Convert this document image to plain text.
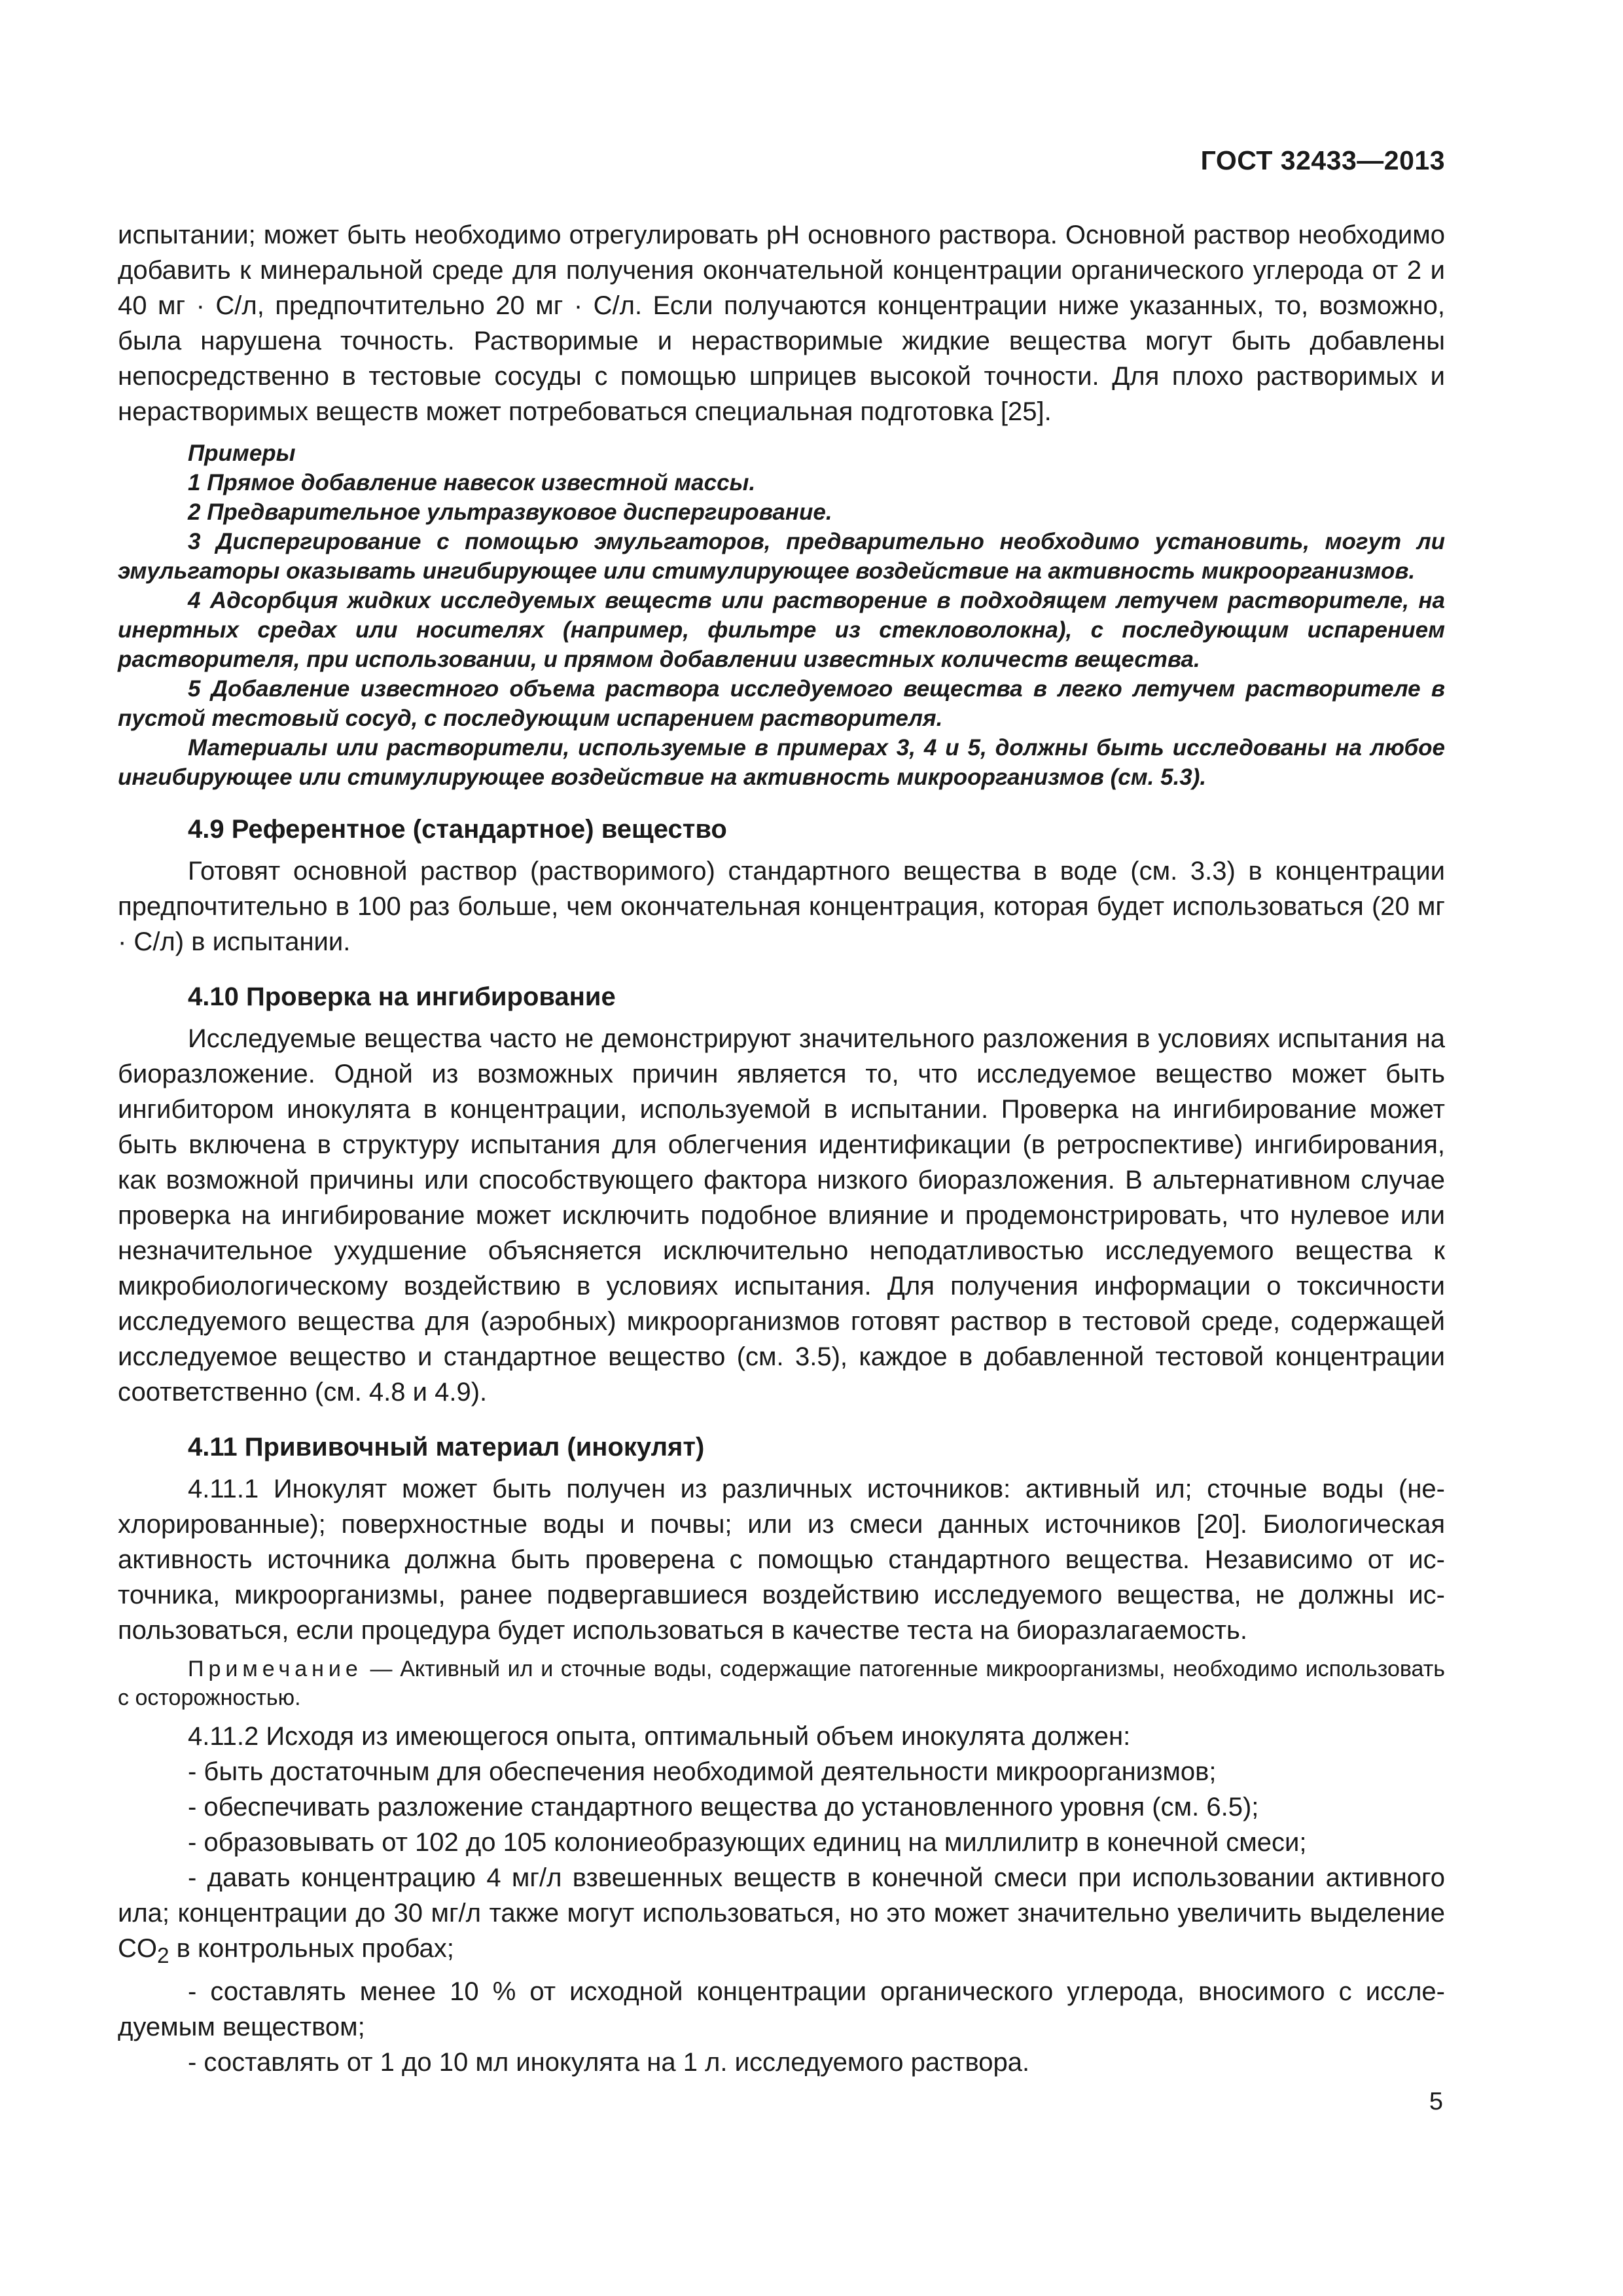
ГОСТ 32433—2013

испытании; может быть необходимо отрегулировать pH основного раствора. Основной раствор необходимо добавить к минеральной среде для получения окончательной концентрации органического углерода от 2 и 40 мг · С/л, предпочтительно 20 мг · С/л. Если получаются концентрации ниже указанных, то, возможно, была нарушена точность. Растворимые и нерастворимые жидкие вещества могут быть добавлены непосредственно в тестовые сосуды с помощью шприцев высокой точности. Для плохо растворимых и нерастворимых веществ может потребоваться специальная подготовка [25].

Примеры

1 Прямое добавление навесок известной массы.

2 Предварительное ультразвуковое диспергирование.

3 Диспергирование с помощью эмульгаторов, предварительно необходимо установить, могут ли эмульгаторы оказывать ингибирующее или стимулирующее воздействие на активность микроорганизмов.

4 Адсорбция жидких исследуемых веществ или растворение в подходящем летучем растворителе, на инертных средах или носителях (например, фильтре из стекловолокна), с последующим испарением растворителя, при использовании, и прямом добавлении известных количеств вещества.

5 Добавление известного объема раствора исследуемого вещества в легко летучем растворителе в пустой тестовый сосуд, с последующим испарением растворителя.

Материалы или растворители, используемые в примерах 3, 4 и 5, должны быть исследованы на любое ингибирующее или стимулирующее воздействие на активность микроорганизмов (см. 5.3).

4.9 Референтное (стандартное) вещество

Готовят основной раствор (растворимого) стандартного вещества в воде (см. 3.3) в концентрации предпочтительно в 100 раз больше, чем окончательная концентрация, которая будет использоваться (20 мг · С/л) в испытании.

4.10 Проверка на ингибирование

Исследуемые вещества часто не демонстрируют значительного разложения в условиях испытания на биоразложение. Одной из возможных причин является то, что исследуемое вещество может быть ингибитором инокулята в концентрации, используемой в испытании. Проверка на ингибирование может быть включена в структуру испытания для облегчения идентификации (в ретроспективе) ингибирования, как возможной причины или способствующего фактора низкого биоразложения. В альтернативном случае проверка на ингибирование может исключить подобное влияние и продемонстрировать, что нулевое или незначительное ухудшение объясняется исключительно неподатливостью исследуемого вещества к микробиологическому воздействию в условиях испытания. Для получения информации о токсичности исследуемого вещества для (аэробных) микроорганизмов готовят раствор в тестовой среде, содержащей исследуемое вещество и стандартное вещество (см. 3.5), каждое в добавленной тестовой концентрации соответственно (см. 4.8 и 4.9).

4.11 Прививочный материал (инокулят)

4.11.1 Инокулят может быть получен из различных источников: активный ил; сточные воды (нехлорированные); поверхностные воды и почвы; или из смеси данных источников [20]. Биологическая активность источника должна быть проверена с помощью стандартного вещества. Независимо от источника, микроорганизмы, ранее подвергавшиеся воздействию исследуемого вещества, не должны использоваться, если процедура будет использоваться в качестве теста на биоразлагаемость.

Примечание — Активный ил и сточные воды, содержащие патогенные микроорганизмы, необходимо использовать с осторожностью.

4.11.2 Исходя из имеющегося опыта, оптимальный объем инокулята должен:

- быть достаточным для обеспечения необходимой деятельности микроорганизмов;

- обеспечивать разложение стандартного вещества до установленного уровня (см. 6.5);

- образовывать от 102 до 105 колониеобразующих единиц на миллилитр в конечной смеси;

- давать концентрацию 4 мг/л взвешенных веществ в конечной смеси при использовании активного ила; концентрации до 30 мг/л также могут использоваться, но это может значительно увеличить выделение $CO_2$ в контрольных пробах;

- составлять менее 10 % от исходной концентрации органического углерода, вносимого с исследуемым веществом;

- составлять от 1 до 10 мл инокулята на 1 л. исследуемого раствора.

5
